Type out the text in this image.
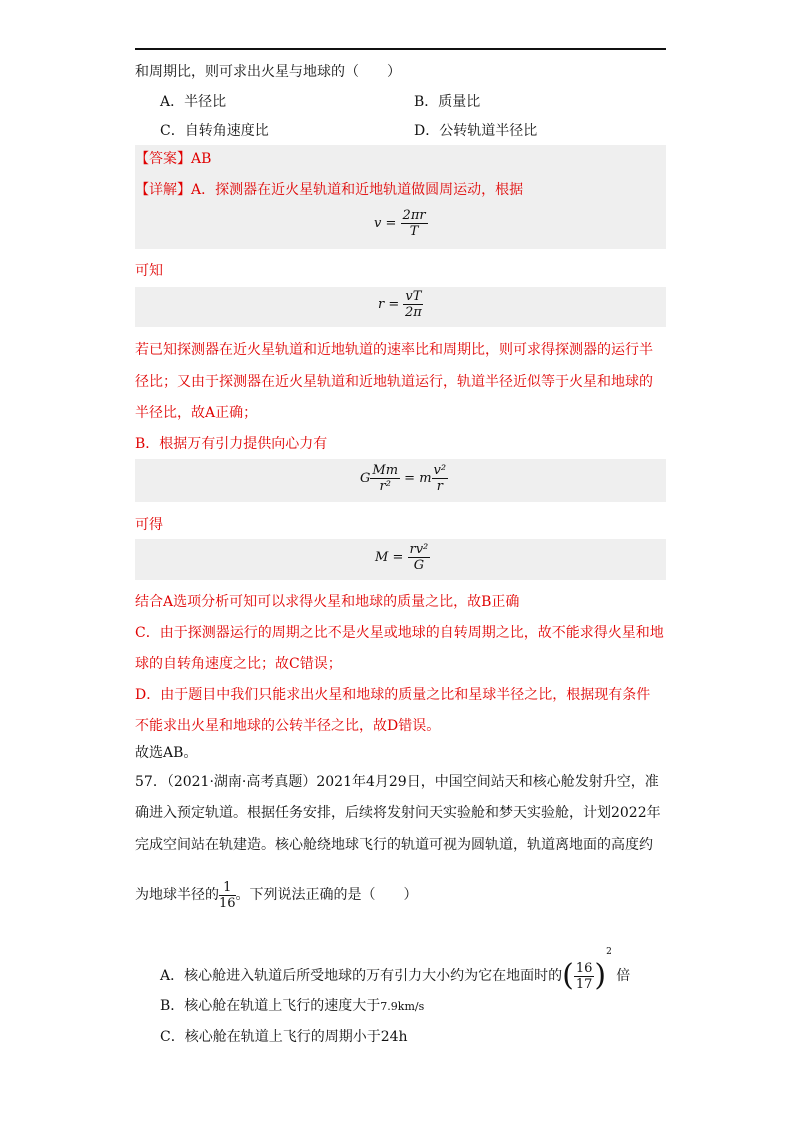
和周期比，则可求出火星与地球的（　　）
A．半径比	B．质量比
C．自转角速度比	D．公转轨道半径比
【答案】AB
【详解】A．探测器在近火星轨道和近地轨道做圆周运动，根据
$v = \frac{2\pi r}{T}$
可知
$r = \frac{vT}{2\pi}$
若已知探测器在近火星轨道和近地轨道的速率比和周期比，则可求得探测器的运行半
径比；又由于探测器在近火星轨道和近地轨道运行，轨道半径近似等于火星和地球的
半径比，故A正确；
B．根据万有引力提供向心力有
G $\frac{Mm}{\text{r²}} = m \frac{\text{v²}}{r}$
可得
$M = \frac{\text{rv²}}{G}$
结合A选项分析可知可以求得火星和地球的质量之比，故B正确
C．由于探测器运行的周期之比不是火星或地球的自转周期之比，故不能求得火星和地
球的自转角速度之比；故C错误；
D．由于题目中我们只能求出火星和地球的质量之比和星球半径之比，根据现有条件
不能求出火星和地球的公转半径之比，故D错误。
故选AB。
57．（2021·湖南·高考真题）2021年4月29日，中国空间站天和核心舱发射升空，准
确进入预定轨道。根据任务安排，后续将发射问天实验舱和梦天实验舱，计划2022年
完成空间站在轨建造。核心舱绕地球飞行的轨道可视为圆轨道，轨道离地面的高度约
为地球半径的 $\frac{1}{16}$ 。下列说法正确的是（　　）
A．核心舱进入轨道后所受地球的万有引力大小约为它在地面时的( $\frac{16}{17} )^2$ 倍
B．核心舱在轨道上飞行的速度大于7.9km/s
C．核心舱在轨道上飞行的周期小于24h
